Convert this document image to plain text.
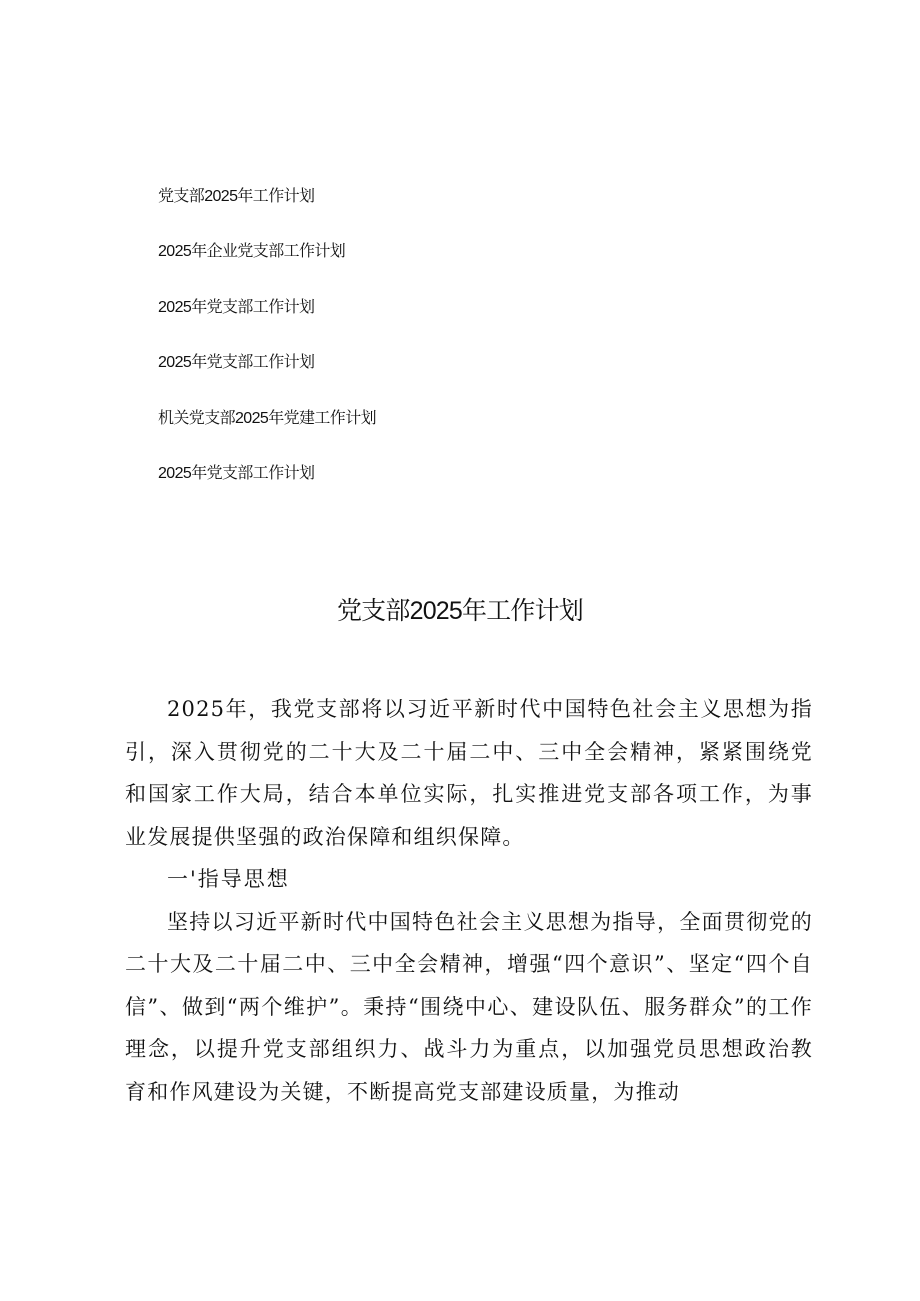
党支部2025年工作计划
2025年企业党支部工作计划
2025年党支部工作计划
2025年党支部工作计划
机关党支部2025年党建工作计划
2025年党支部工作计划
党支部2025年工作计划

2025年，我党支部将以习近平新时代中国特色社会主义思想为指引，深入贯彻党的二十大及二十届二中、三中全会精神，紧紧围绕党和国家工作大局，结合本单位实际，扎实推进党支部各项工作，为事业发展提供坚强的政治保障和组织保障。

一'指导思想

坚持以习近平新时代中国特色社会主义思想为指导，全面贯彻党的二十大及二十届二中、三中全会精神，增强“四个意识”、坚定“四个自信”、做到“两个维护”。秉持“围绕中心、建设队伍、服务群众”的工作理念，以提升党支部组织力、战斗力为重点，以加强党员思想政治教育和作风建设为关键，不断提高党支部建设质量，为推动
